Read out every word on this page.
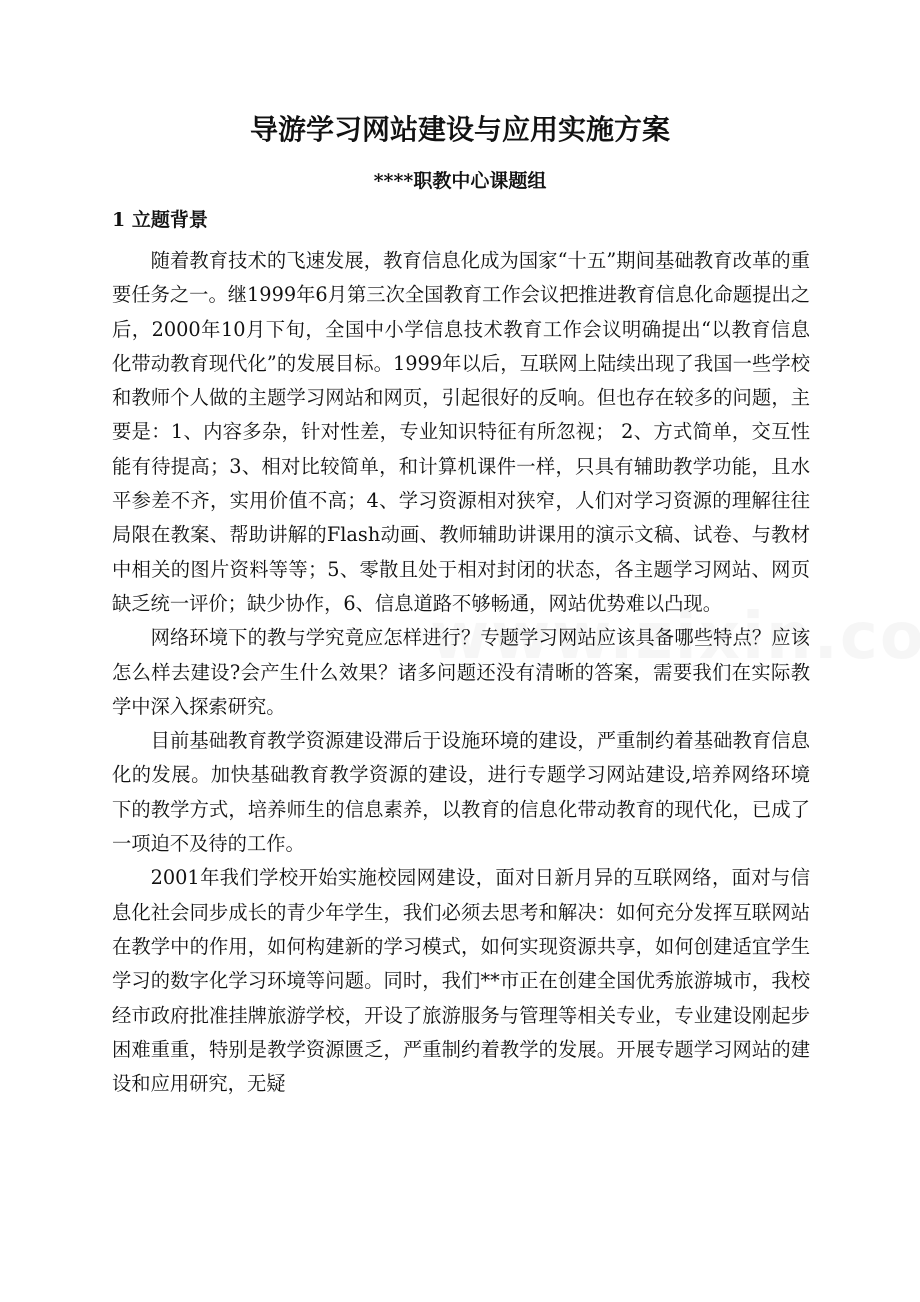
导游学习网站建设与应用实施方案
****职教中心课题组
1 立题背景

随着教育技术的飞速发展，教育信息化成为国家“十五”期间基础教育改革的重要任务之一。继1999年6月第三次全国教育工作会议把推进教育信息化命题提出之后，2000年10月下旬，全国中小学信息技术教育工作会议明确提出“以教育信息化带动教育现代化”的发展目标。1999年以后，互联网上陆续出现了我国一些学校和教师个人做的主题学习网站和网页，引起很好的反响。但也存在较多的问题，主要是：1、内容多杂，针对性差，专业知识特征有所忽视； 2、方式简单，交互性能有待提高；3、相对比较简单，和计算机课件一样，只具有辅助教学功能，且水平参差不齐，实用价值不高；4、学习资源相对狭窄，人们对学习资源的理解往往局限在教案、帮助讲解的Flash动画、教师辅助讲课用的演示文稿、试卷、与教材中相关的图片资料等等；5、零散且处于相对封闭的状态，各主题学习网站、网页缺乏统一评价；缺少协作，6、信息道路不够畅通，网站优势难以凸现。

网络环境下的教与学究竟应怎样进行？专题学习网站应该具备哪些特点？应该怎么样去建设?会产生什么效果？诸多问题还没有清晰的答案，需要我们在实际教学中深入探索研究。

目前基础教育教学资源建设滞后于设施环境的建设，严重制约着基础教育信息化的发展。加快基础教育教学资源的建设，进行专题学习网站建设,培养网络环境下的教学方式，培养师生的信息素养，以教育的信息化带动教育的现代化，已成了一项迫不及待的工作。

2001年我们学校开始实施校园网建设，面对日新月异的互联网络，面对与信息化社会同步成长的青少年学生，我们必须去思考和解决：如何充分发挥互联网站在教学中的作用，如何构建新的学习模式，如何实现资源共享，如何创建适宜学生学习的数字化学习环境等问题。同时，我们**市正在创建全国优秀旅游城市，我校经市政府批准挂牌旅游学校，开设了旅游服务与管理等相关专业，专业建设刚起步困难重重，特别是教学资源匮乏，严重制约着教学的发展。开展专题学习网站的建设和应用研究，无疑
